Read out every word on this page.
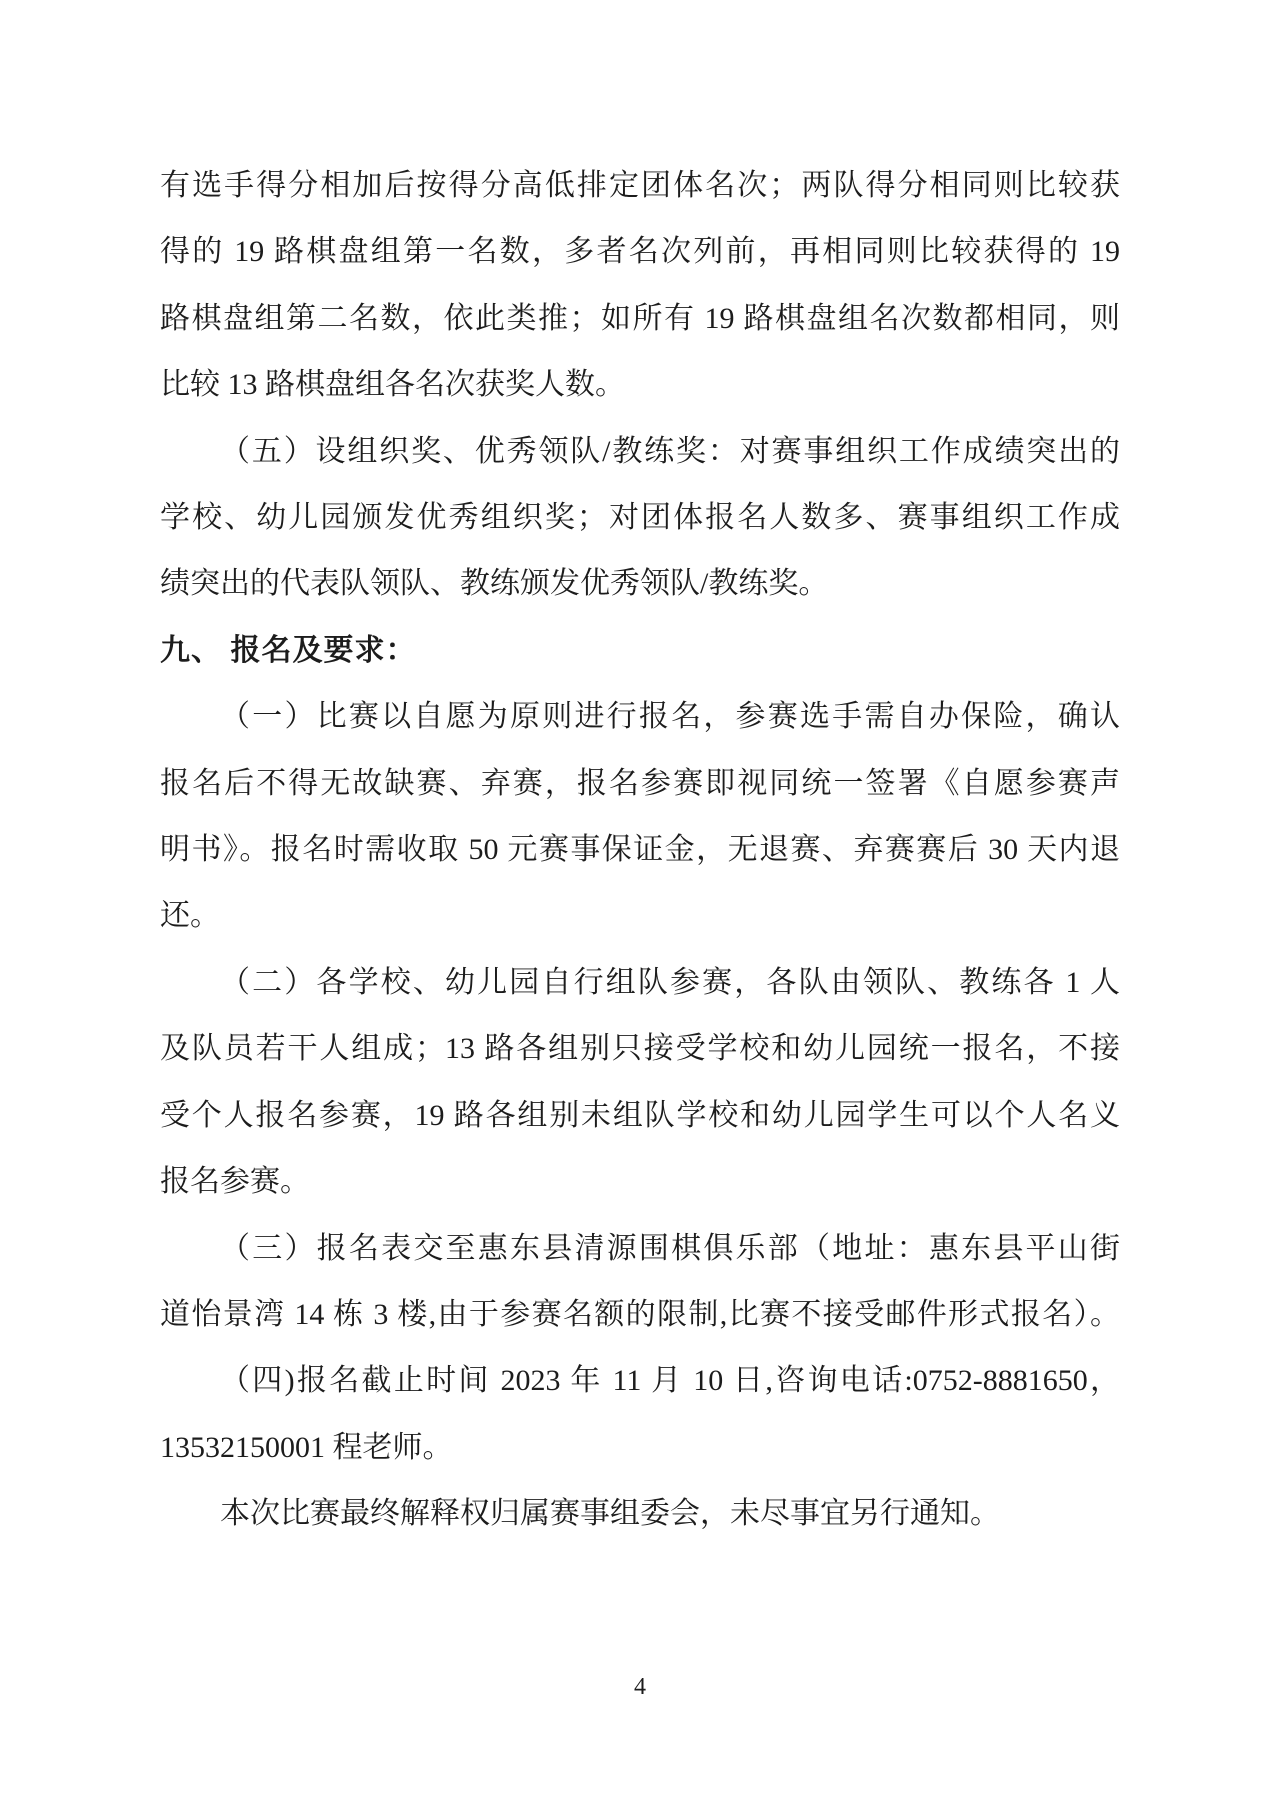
有选手得分相加后按得分高低排定团体名次；两队得分相同则比较获
得的 19 路棋盘组第一名数，多者名次列前，再相同则比较获得的 19
路棋盘组第二名数，依此类推；如所有 19 路棋盘组名次数都相同，则
比较 13 路棋盘组各名次获奖人数。
（五）设组织奖、优秀领队/教练奖：对赛事组织工作成绩突出的
学校、幼儿园颁发优秀组织奖；对团体报名人数多、赛事组织工作成
绩突出的代表队领队、教练颁发优秀领队/教练奖。
九、 报名及要求：
（一）比赛以自愿为原则进行报名，参赛选手需自办保险，确认
报名后不得无故缺赛、弃赛，报名参赛即视同统一签署《自愿参赛声
明书》。报名时需收取 50 元赛事保证金，无退赛、弃赛赛后 30 天内退
还。
（二）各学校、幼儿园自行组队参赛，各队由领队、教练各 1 人
及队员若干人组成；13 路各组别只接受学校和幼儿园统一报名，不接
受个人报名参赛，19 路各组别未组队学校和幼儿园学生可以个人名义
报名参赛。
（三）报名表交至惠东县清源围棋俱乐部（地址：惠东县平山街
道怡景湾 14 栋 3 楼,由于参赛名额的限制,比赛不接受邮件形式报名）。
（四)报名截止时间 2023 年 11 月 10 日,咨询电话:0752-8881650，
13532150001 程老师。
本次比赛最终解释权归属赛事组委会，未尽事宜另行通知。
4
